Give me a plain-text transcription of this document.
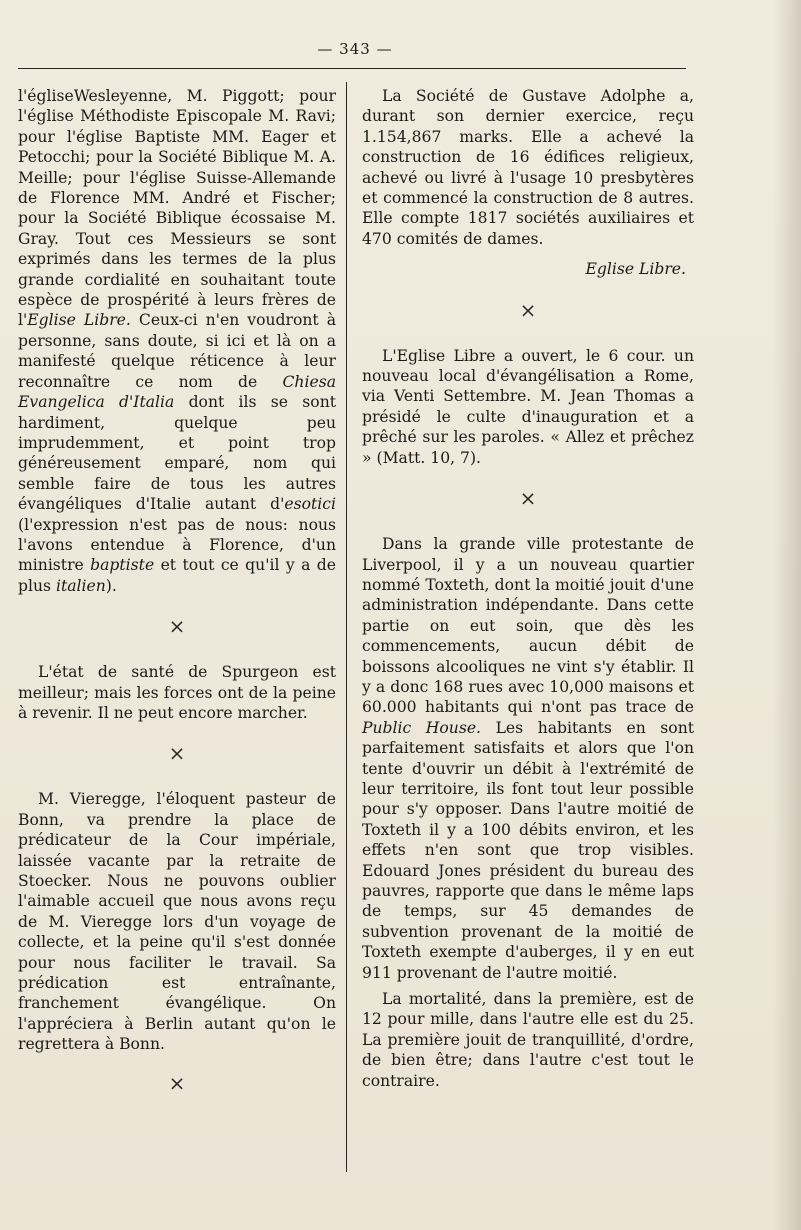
— 343 —

l'égliseWesleyenne, M. Piggott; pour l'église Méthodiste Episcopale M. Ravi; pour l'église Baptiste MM. Eager et Petocchi; pour la Société Biblique M. A. Meille; pour l'église Suisse-Allemande de Florence MM. André et Fischer; pour la Société Biblique écossaise M. Gray. Tout ces Messieurs se sont exprimés dans les termes de la plus grande cordialité en souhaitant toute espèce de prospérité à leurs frères de l'Eglise Libre. Ceux-ci n'en voudront à personne, sans doute, si ici et là on a manifesté quelque réticence à leur reconnaître ce nom de Chiesa Evangelica d'Italia dont ils se sont hardiment, quelque peu imprudemment, et point trop généreusement emparé, nom qui semble faire de tous les autres évangéliques d'Italie autant d'esotici (l'expression n'est pas de nous: nous l'avons entendue à Florence, d'un ministre baptiste et tout ce qu'il y a de plus italien).

×

L'état de santé de Spurgeon est meilleur; mais les forces ont de la peine à revenir. Il ne peut encore marcher.

×

M. Vieregge, l'éloquent pasteur de Bonn, va prendre la place de prédicateur de la Cour impériale, laissée vacante par la retraite de Stoecker. Nous ne pouvons oublier l'aimable accueil que nous avons reçu de M. Vieregge lors d'un voyage de collecte, et la peine qu'il s'est donnée pour nous faciliter le travail. Sa prédication est entraînante, franchement évangélique. On l'appréciera à Berlin autant qu'on le regrettera à Bonn.

×

La Société de Gustave Adolphe a, durant son dernier exercice, reçu 1.154,867 marks. Elle a achevé la construction de 16 édifices religieux, achevé ou livré à l'usage 10 presbytères et commencé la construction de 8 autres. Elle compte 1817 sociétés auxiliaires et 470 comités de dames.

Eglise Libre.

×

L'Eglise Libre a ouvert, le 6 cour. un nouveau local d'évangélisation a Rome, via Venti Settembre. M. Jean Thomas a présidé le culte d'inauguration et a prêché sur les paroles. « Allez et prêchez » (Matt. 10, 7).

×

Dans la grande ville protestante de Liverpool, il y a un nouveau quartier nommé Toxteth, dont la moitié jouit d'une administration indépendante. Dans cette partie on eut soin, que dès les commencements, aucun débit de boissons alcooliques ne vint s'y établir. Il y a donc 168 rues avec 10,000 maisons et 60.000 habitants qui n'ont pas trace de Public House. Les habitants en sont parfaitement satisfaits et alors que l'on tente d'ouvrir un débit à l'extrémité de leur territoire, ils font tout leur possible pour s'y opposer. Dans l'autre moitié de Toxteth il y a 100 débits environ, et les effets n'en sont que trop visibles. Edouard Jones président du bureau des pauvres, rapporte que dans le même laps de temps, sur 45 demandes de subvention provenant de la moitié de Toxteth exempte d'auberges, il y en eut 911 provenant de l'autre moitié.

La mortalité, dans la première, est de 12 pour mille, dans l'autre elle est du 25. La première jouit de tranquillité, d'ordre, de bien être; dans l'autre c'est tout le contraire.
